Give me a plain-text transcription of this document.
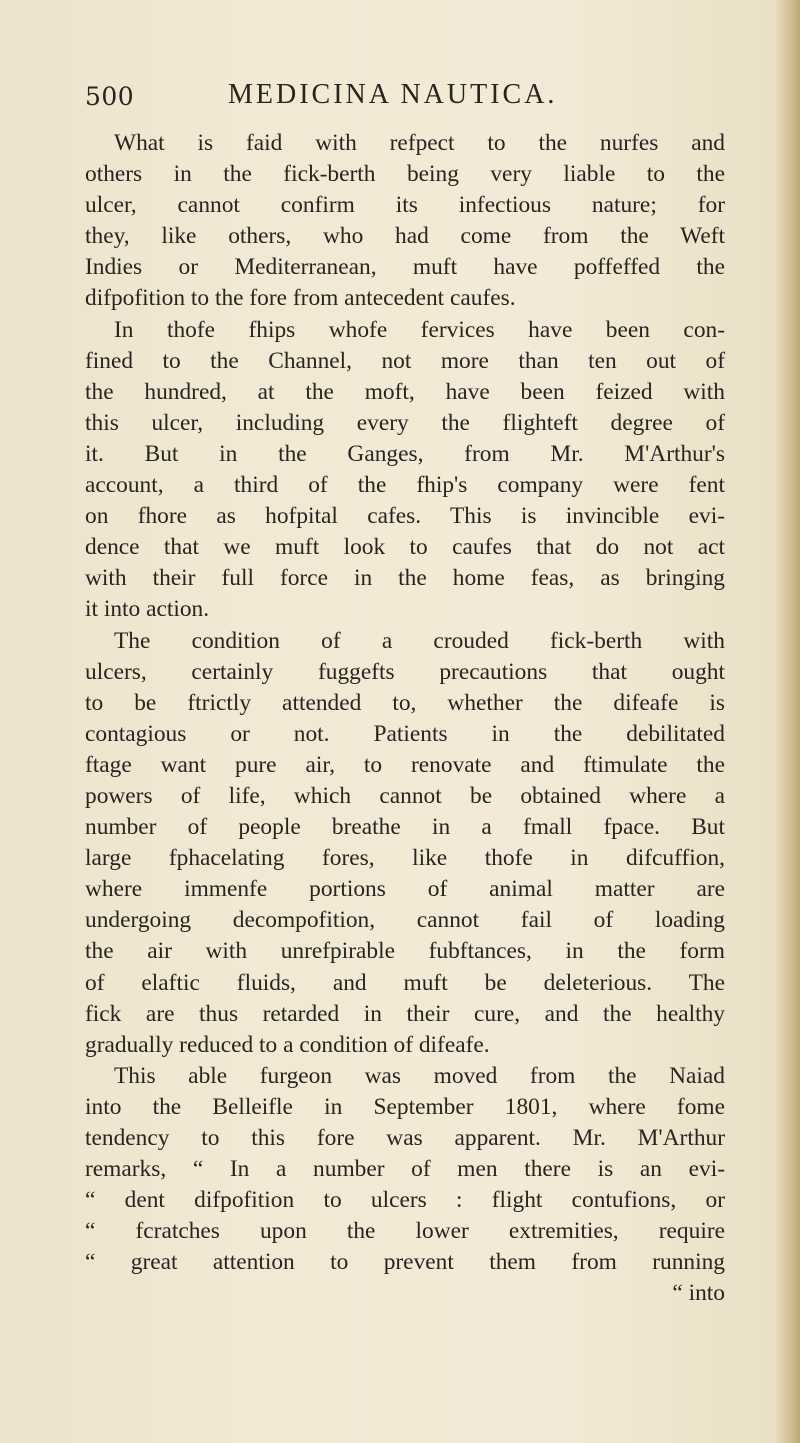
500	MEDICINA NAUTICA.
What is faid with refpect to the nurfes and
others in the fick-berth being very liable to the
ulcer, cannot confirm its infectious nature; for
they, like others, who had come from the Weft
Indies or Mediterranean, muft have poffeffed the
difpofition to the fore from antecedent caufes.
In thofe fhips whofe fervices have been con-
fined to the Channel, not more than ten out of
the hundred, at the moft, have been feized with
this ulcer, including every the flighteft degree of
it. But in the Ganges, from Mr. M'Arthur's
account, a third of the fhip's company were fent
on fhore as hofpital cafes. This is invincible evi-
dence that we muft look to caufes that do not act
with their full force in the home feas, as bringing
it into action.
The condition of a crouded fick-berth with
ulcers, certainly fuggefts precautions that ought
to be ftrictly attended to, whether the difeafe is
contagious or not. Patients in the debilitated
ftage want pure air, to renovate and ftimulate the
powers of life, which cannot be obtained where a
number of people breathe in a fmall fpace. But
large fphacelating fores, like thofe in difcuffion,
where immenfe portions of animal matter are
undergoing decompofition, cannot fail of loading
the air with unrefpirable fubftances, in the form
of elaftic fluids, and muft be deleterious. The
fick are thus retarded in their cure, and the healthy
gradually reduced to a condition of difeafe.
This able furgeon was moved from the Naiad
into the Belleifle in September 1801, where fome
tendency to this fore was apparent. Mr. M'Arthur
remarks, “ In a number of men there is an evi-
“ dent difpofition to ulcers : flight contufions, or
“ fcratches upon the lower extremities, require
“ great attention to prevent them from running
“ into
